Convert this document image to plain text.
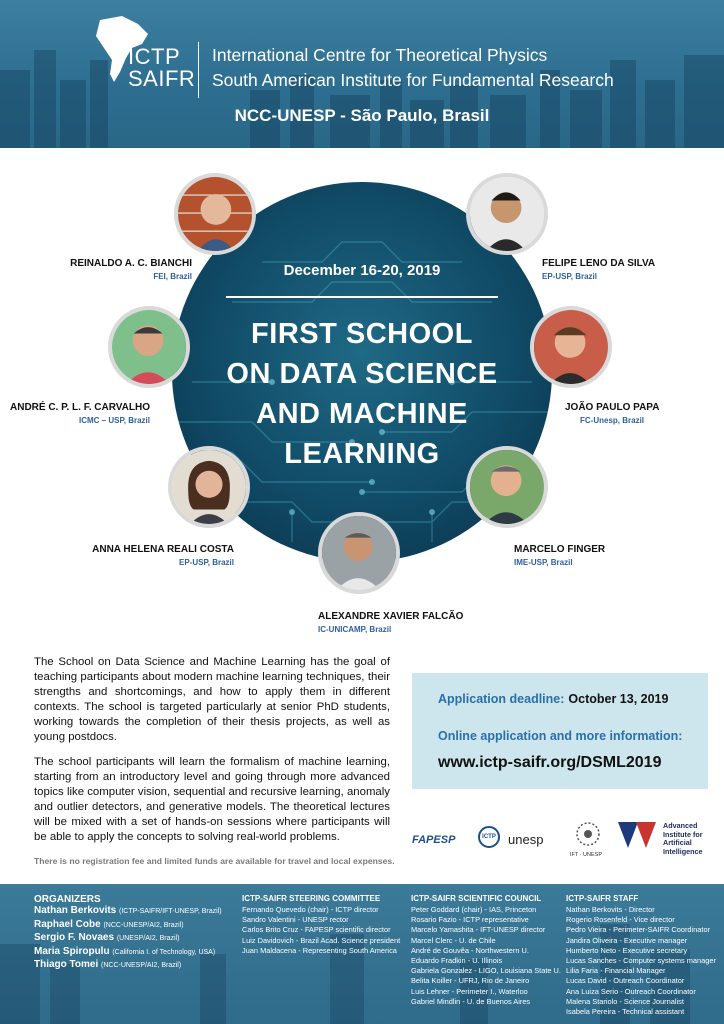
ICTP
SAIFR
International Centre for Theoretical Physics
South American Institute for Fundamental Research
NCC-UNESP - São Paulo, Brasil
December 16-20, 2019
FIRST SCHOOL
ON DATA SCIENCE
AND MACHINE
LEARNING
REINALDO A. C. BIANCHI
FEI, Brazil
FELIPE LENO DA SILVA
EP-USP, Brazil
ANDRÉ C. P. L. F. CARVALHO
ICMC – USP, Brazil
JOÃO PAULO PAPA
FC-Unesp, Brazil
ANNA HELENA REALI COSTA
EP-USP, Brazil
MARCELO FINGER
IME-USP, Brazil
ALEXANDRE XAVIER FALCÃO
IC-UNICAMP, Brazil
The School on Data Science and Machine Learning has the goal of teaching participants about modern machine learning techniques, their strengths and shortcomings, and how to apply them in different contexts. The school is targeted particularly at senior PhD students, working towards the completion of their thesis projects, as well as young postdocs.
The school participants will learn the formalism of machine learning, starting from an introductory level and going through more advanced topics like computer vision, sequential and recursive learning, anomaly and outlier detectors, and generative models. The theoretical lectures will be mixed with a set of hands-on sessions where participants will be able to apply the concepts to solving real-world problems.
There is no registration fee and limited funds are available for travel and local expenses.
Application deadline: October 13, 2019
Online application and more information:
www.ictp-saifr.org/DSML2019
FAPESP	ICTP unesp
IFT - UNESP
Advanced
Institute for
Artificial
Intelligence
ORGANIZERS
Nathan Berkovits (ICTP-SAIFR/IFT-UNESP, Brazil)
Raphael Cobe (NCC-UNESP/AI2, Brazil)
Sergio F. Novaes (UNESP/AI2, Brazil)
Maria Spiropulu (California I. of Technology, USA)
Thiago Tomei (NCC-UNESP/AI2, Brazil)
ICTP-SAIFR STEERING COMMITTEE
Fernando Quevedo (chair) - ICTP director
Sandro Valentini - UNESP rector
Carlos Brito Cruz - FAPESP scientific director
Luiz Davidovich - Brazil Acad. Science president
Juan Maldacena - Representing South America
ICTP-SAIFR SCIENTIFIC COUNCIL
Peter Goddard (chair) - IAS, Princeton
Rosario Fazio - ICTP representative
Marcelo Yamashita - IFT-UNESP director
Marcel Clerc - U. de Chile
André de Gouvêa - Northwestern U.
Eduardo Fradkin - U. Illinois
Gabriela Gonzalez - LIGO, Louisiana State U.
Belita Koiller - UFRJ, Rio de Janeiro
Luis Lehner - Perimeter I., Waterloo
Gabriel Mindlin - U. de Buenos Aires
ICTP-SAIFR STAFF
Nathan Berkovits - Director
Rogerio Rosenfeld - Vice director
Pedro Vieira - Perimeter-SAIFR Coordinator
Jandira Oliveira - Executive manager
Humberto Neto - Executive secretary
Lucas Sanches - Computer systems manager
Lilia Faria - Financial Manager
Lucas David - Outreach Coordinator
Ana Luiza Serio - Outreach Coordinator
Malena Stariolo - Science Journalist
Isabela Pereira - Technical assistant
